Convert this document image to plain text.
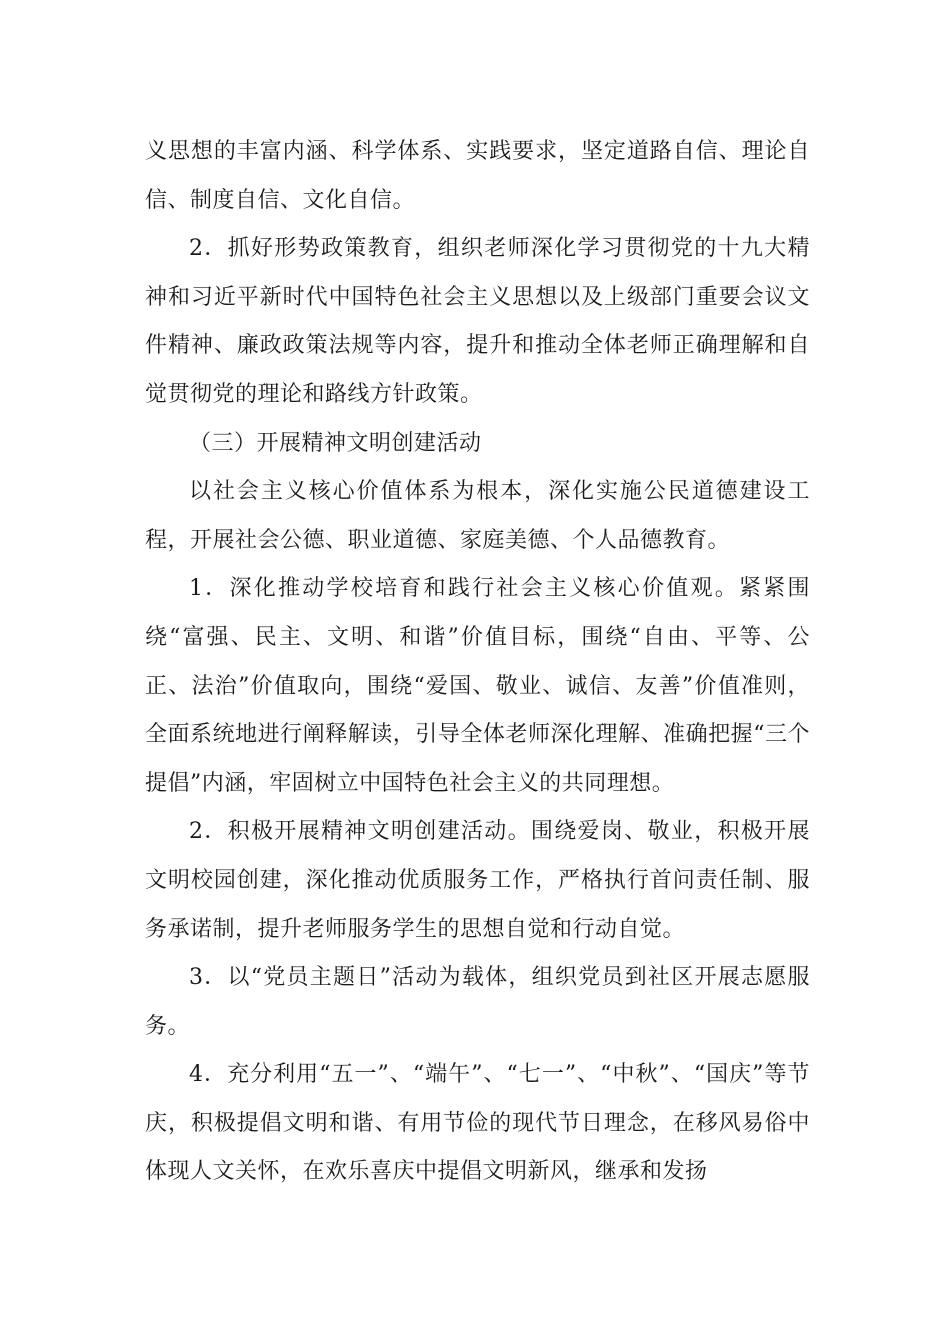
义思想的丰富内涵、科学体系、实践要求，坚定道路自信、理论自信、制度自信、文化自信。

2．抓好形势政策教育，组织老师深化学习贯彻党的十九大精神和习近平新时代中国特色社会主义思想以及上级部门重要会议文件精神、廉政政策法规等内容，提升和推动全体老师正确理解和自觉贯彻党的理论和路线方针政策。

（三）开展精神文明创建活动

以社会主义核心价值体系为根本，深化实施公民道德建设工程，开展社会公德、职业道德、家庭美德、个人品德教育。

1．深化推动学校培育和践行社会主义核心价值观。紧紧围绕“富强、民主、文明、和谐”价值目标，围绕“自由、平等、公正、法治”价值取向，围绕“爱国、敬业、诚信、友善”价值准则，全面系统地进行阐释解读，引导全体老师深化理解、准确把握“三个提倡”内涵，牢固树立中国特色社会主义的共同理想。

2．积极开展精神文明创建活动。围绕爱岗、敬业，积极开展文明校园创建，深化推动优质服务工作，严格执行首问责任制、服务承诺制，提升老师服务学生的思想自觉和行动自觉。

3．以“党员主题日”活动为载体，组织党员到社区开展志愿服务。

4．充分利用“五一”、“端午”、“七一”、“中秋”、“国庆”等节庆，积极提倡文明和谐、有用节俭的现代节日理念，在移风易俗中体现人文关怀，在欢乐喜庆中提倡文明新风，继承和发扬
